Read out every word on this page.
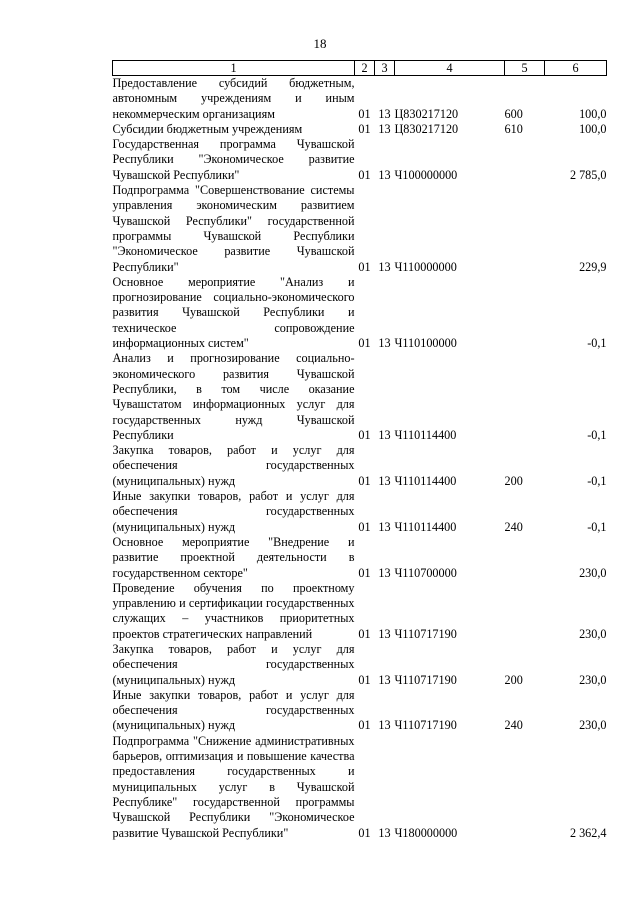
18
1	2	3	4	5	6
Предоставление субсидий бюджетным, автономным учреждениям и иным некоммерческим организациям	01	13	Ц830217120	600	100,0
Субсидии бюджетным учреждениям	01	13	Ц830217120	610	100,0
Государственная программа Чувашской Республики "Экономическое развитие Чувашской Республики"	01	13	Ч100000000		2 785,0
Подпрограмма "Совершенствование системы управления экономическим развитием Чувашской Республики" государственной программы Чувашской Республики "Экономическое развитие Чувашской Республики"	01	13	Ч110000000		229,9
Основное мероприятие "Анализ и прогнозирование социально-экономического развития Чувашской Республики и техническое сопровождение информационных систем"	01	13	Ч110100000		-0,1
Анализ и прогнозирование социально-экономического развития Чувашской Республики, в том числе оказание Чувашстатом информационных услуг для государственных нужд Чувашской Республики	01	13	Ч110114400		-0,1
Закупка товаров, работ и услуг для обеспечения государственных (муниципальных) нужд	01	13	Ч110114400	200	-0,1
Иные закупки товаров, работ и услуг для обеспечения государственных (муниципальных) нужд	01	13	Ч110114400	240	-0,1
Основное мероприятие "Внедрение и развитие проектной деятельности в государственном секторе"	01	13	Ч110700000		230,0
Проведение обучения по проектному управлению и сертификации государственных служащих – участников приоритетных проектов стратегических направлений	01	13	Ч110717190		230,0
Закупка товаров, работ и услуг для обеспечения государственных (муниципальных) нужд	01	13	Ч110717190	200	230,0
Иные закупки товаров, работ и услуг для обеспечения государственных (муниципальных) нужд	01	13	Ч110717190	240	230,0
Подпрограмма "Снижение административных барьеров, оптимизация и повышение качества предоставления государственных и муниципальных услуг в Чувашской Республике" государственной программы Чувашской Республики "Экономическое развитие Чувашской Республики"	01	13	Ч180000000		2 362,4
